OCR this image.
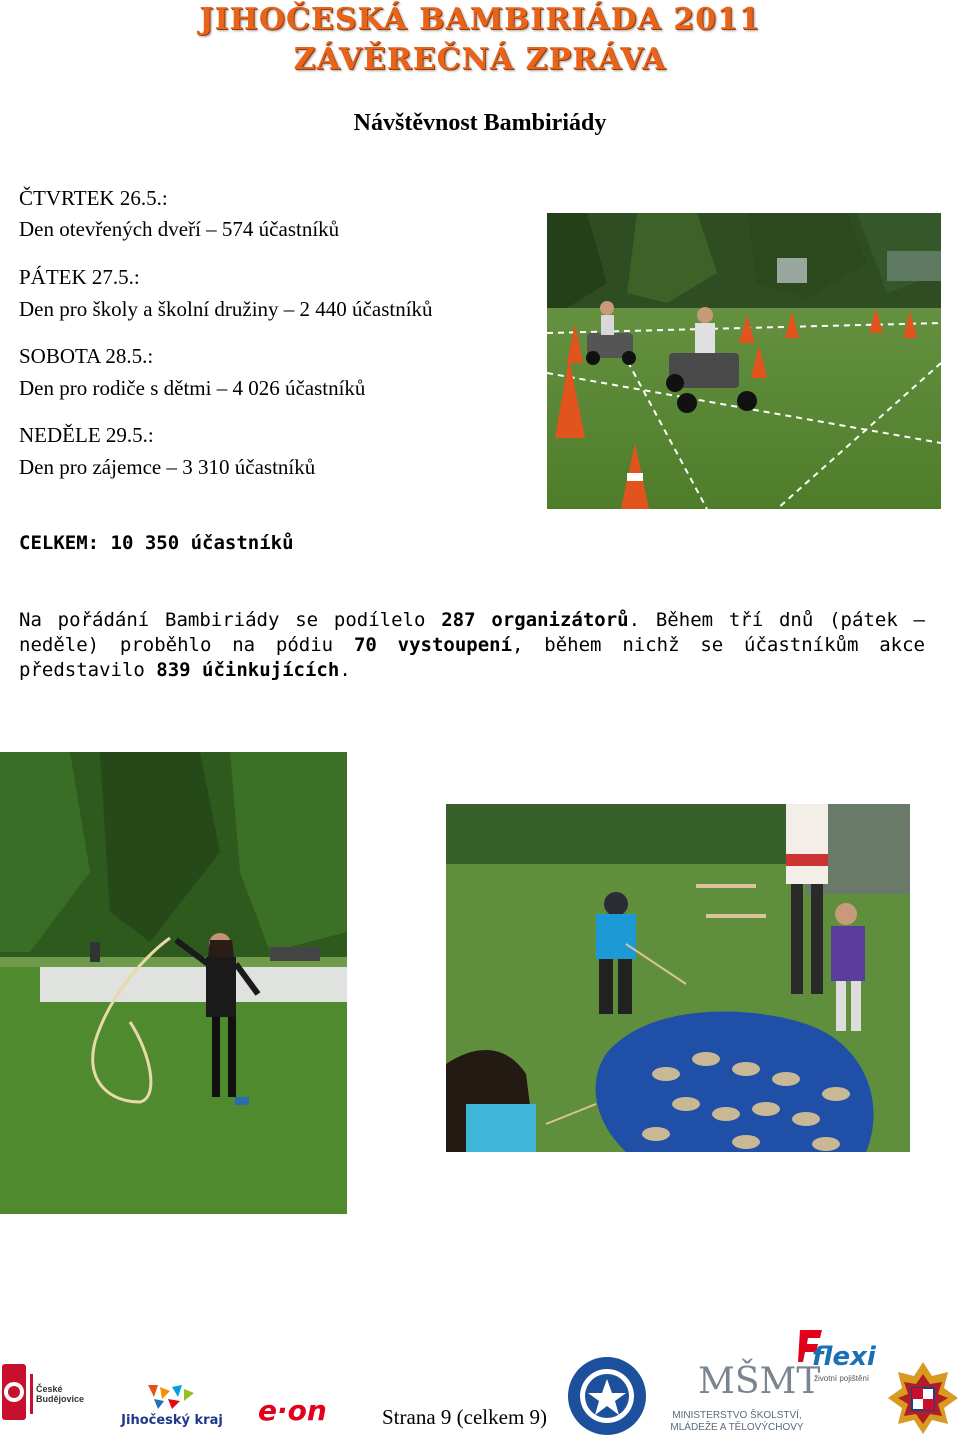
JIHOČESKÁ BAMBIRIÁDA 2011
ZÁVĚREČNÁ ZPRÁVA
Návštěvnost Bambiriády
ČTVRTEK 26.5.:
Den otevřených dveří – 574 účastníků
PÁTEK 27.5.:
Den pro školy a školní družiny – 2 440 účastníků
SOBOTA 28.5.:
Den pro rodiče s dětmi – 4 026 účastníků
NEDĚLE 29.5.:
Den pro zájemce – 3 310 účastníků
CELKEM: 10 350 účastníků
Na pořádání Bambiriády se podílelo 287 organizátorů. Během tří dnů (pátek – neděle) proběhlo na pódiu 70 vystoupení, během nichž se účastníkům akce představilo 839 účinkujících.
České Budějovice
Jihočeský kraj e·on	Strana 9 (celkem 9)
MŠMT
MINISTERSTVO ŠKOLSTVÍ,
MLÁDEŽE A TĚLOVÝCHOVY
flexi
životní pojištění
